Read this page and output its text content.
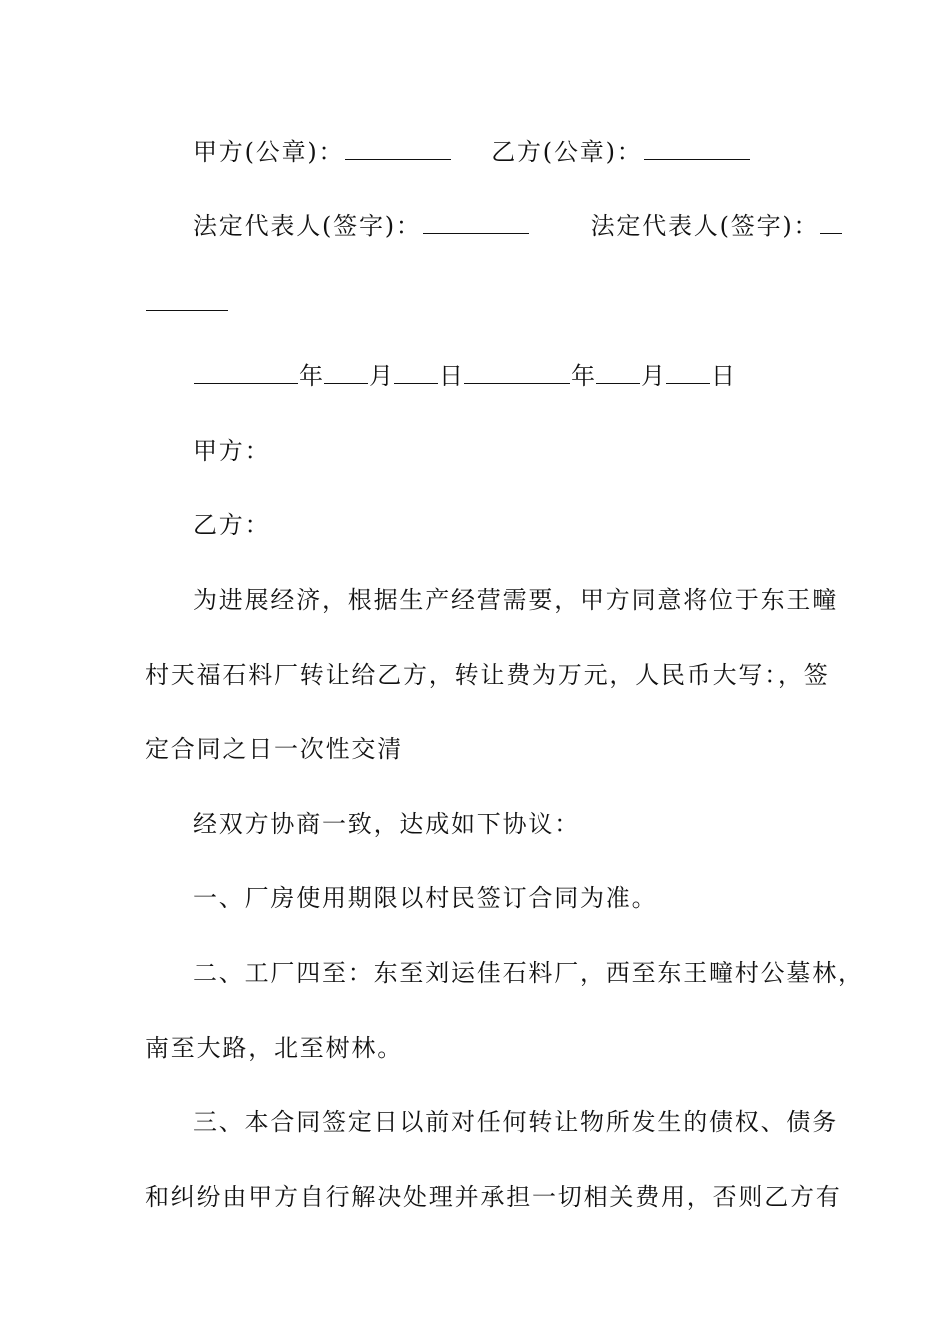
甲方(公章)：	乙方(公章)：
法定代表人(签字)：	法定代表人(签字)：
年 月 日	年 月 日
甲方：
乙方：
为进展经济，根据生产经营需要，甲方同意将位于东王疃
村天福石料厂转让给乙方，转让费为万元，人民币大写：，签
定合同之日一次性交清
经双方协商一致，达成如下协议：
一、厂房使用期限以村民签订合同为准。
二、工厂四至：东至刘运佳石料厂，西至东王疃村公墓林，
南至大路，北至树林。
三、本合同签定日以前对任何转让物所发生的债权、债务
和纠纷由甲方自行解决处理并承担一切相关费用，否则乙方有
